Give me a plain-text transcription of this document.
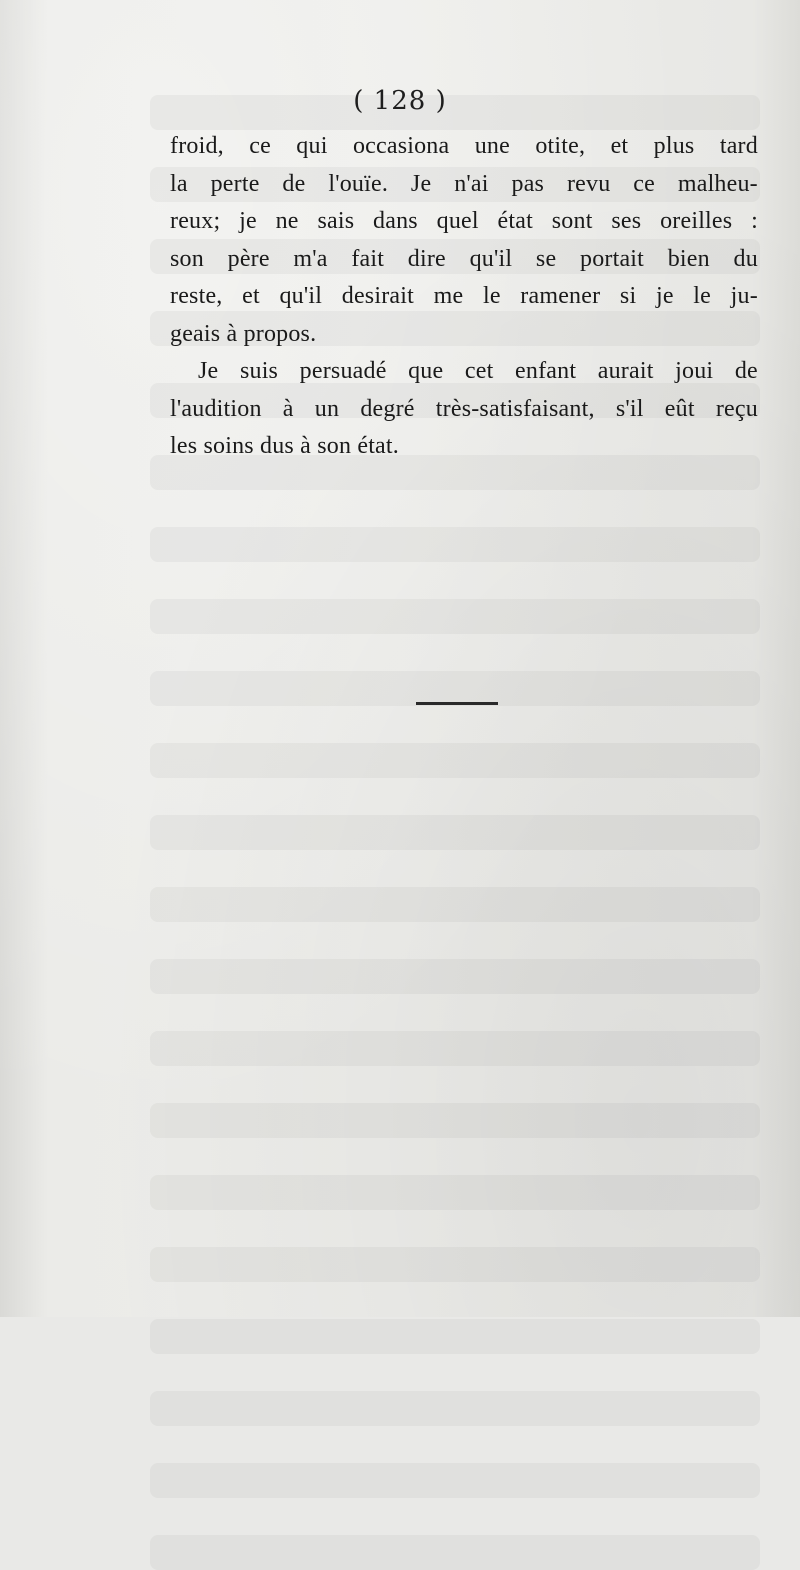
( 128 )
froid, ce qui occasiona une otite, et plus tard
la perte de l'ouïe. Je n'ai pas revu ce malheu-
reux; je ne sais dans quel état sont ses oreilles :
son père m'a fait dire qu'il se portait bien du
reste, et qu'il desirait me le ramener si je le ju-
geais à propos.
Je suis persuadé que cet enfant aurait joui de
l'audition à un degré très-satisfaisant, s'il eût reçu
les soins dus à son état.
